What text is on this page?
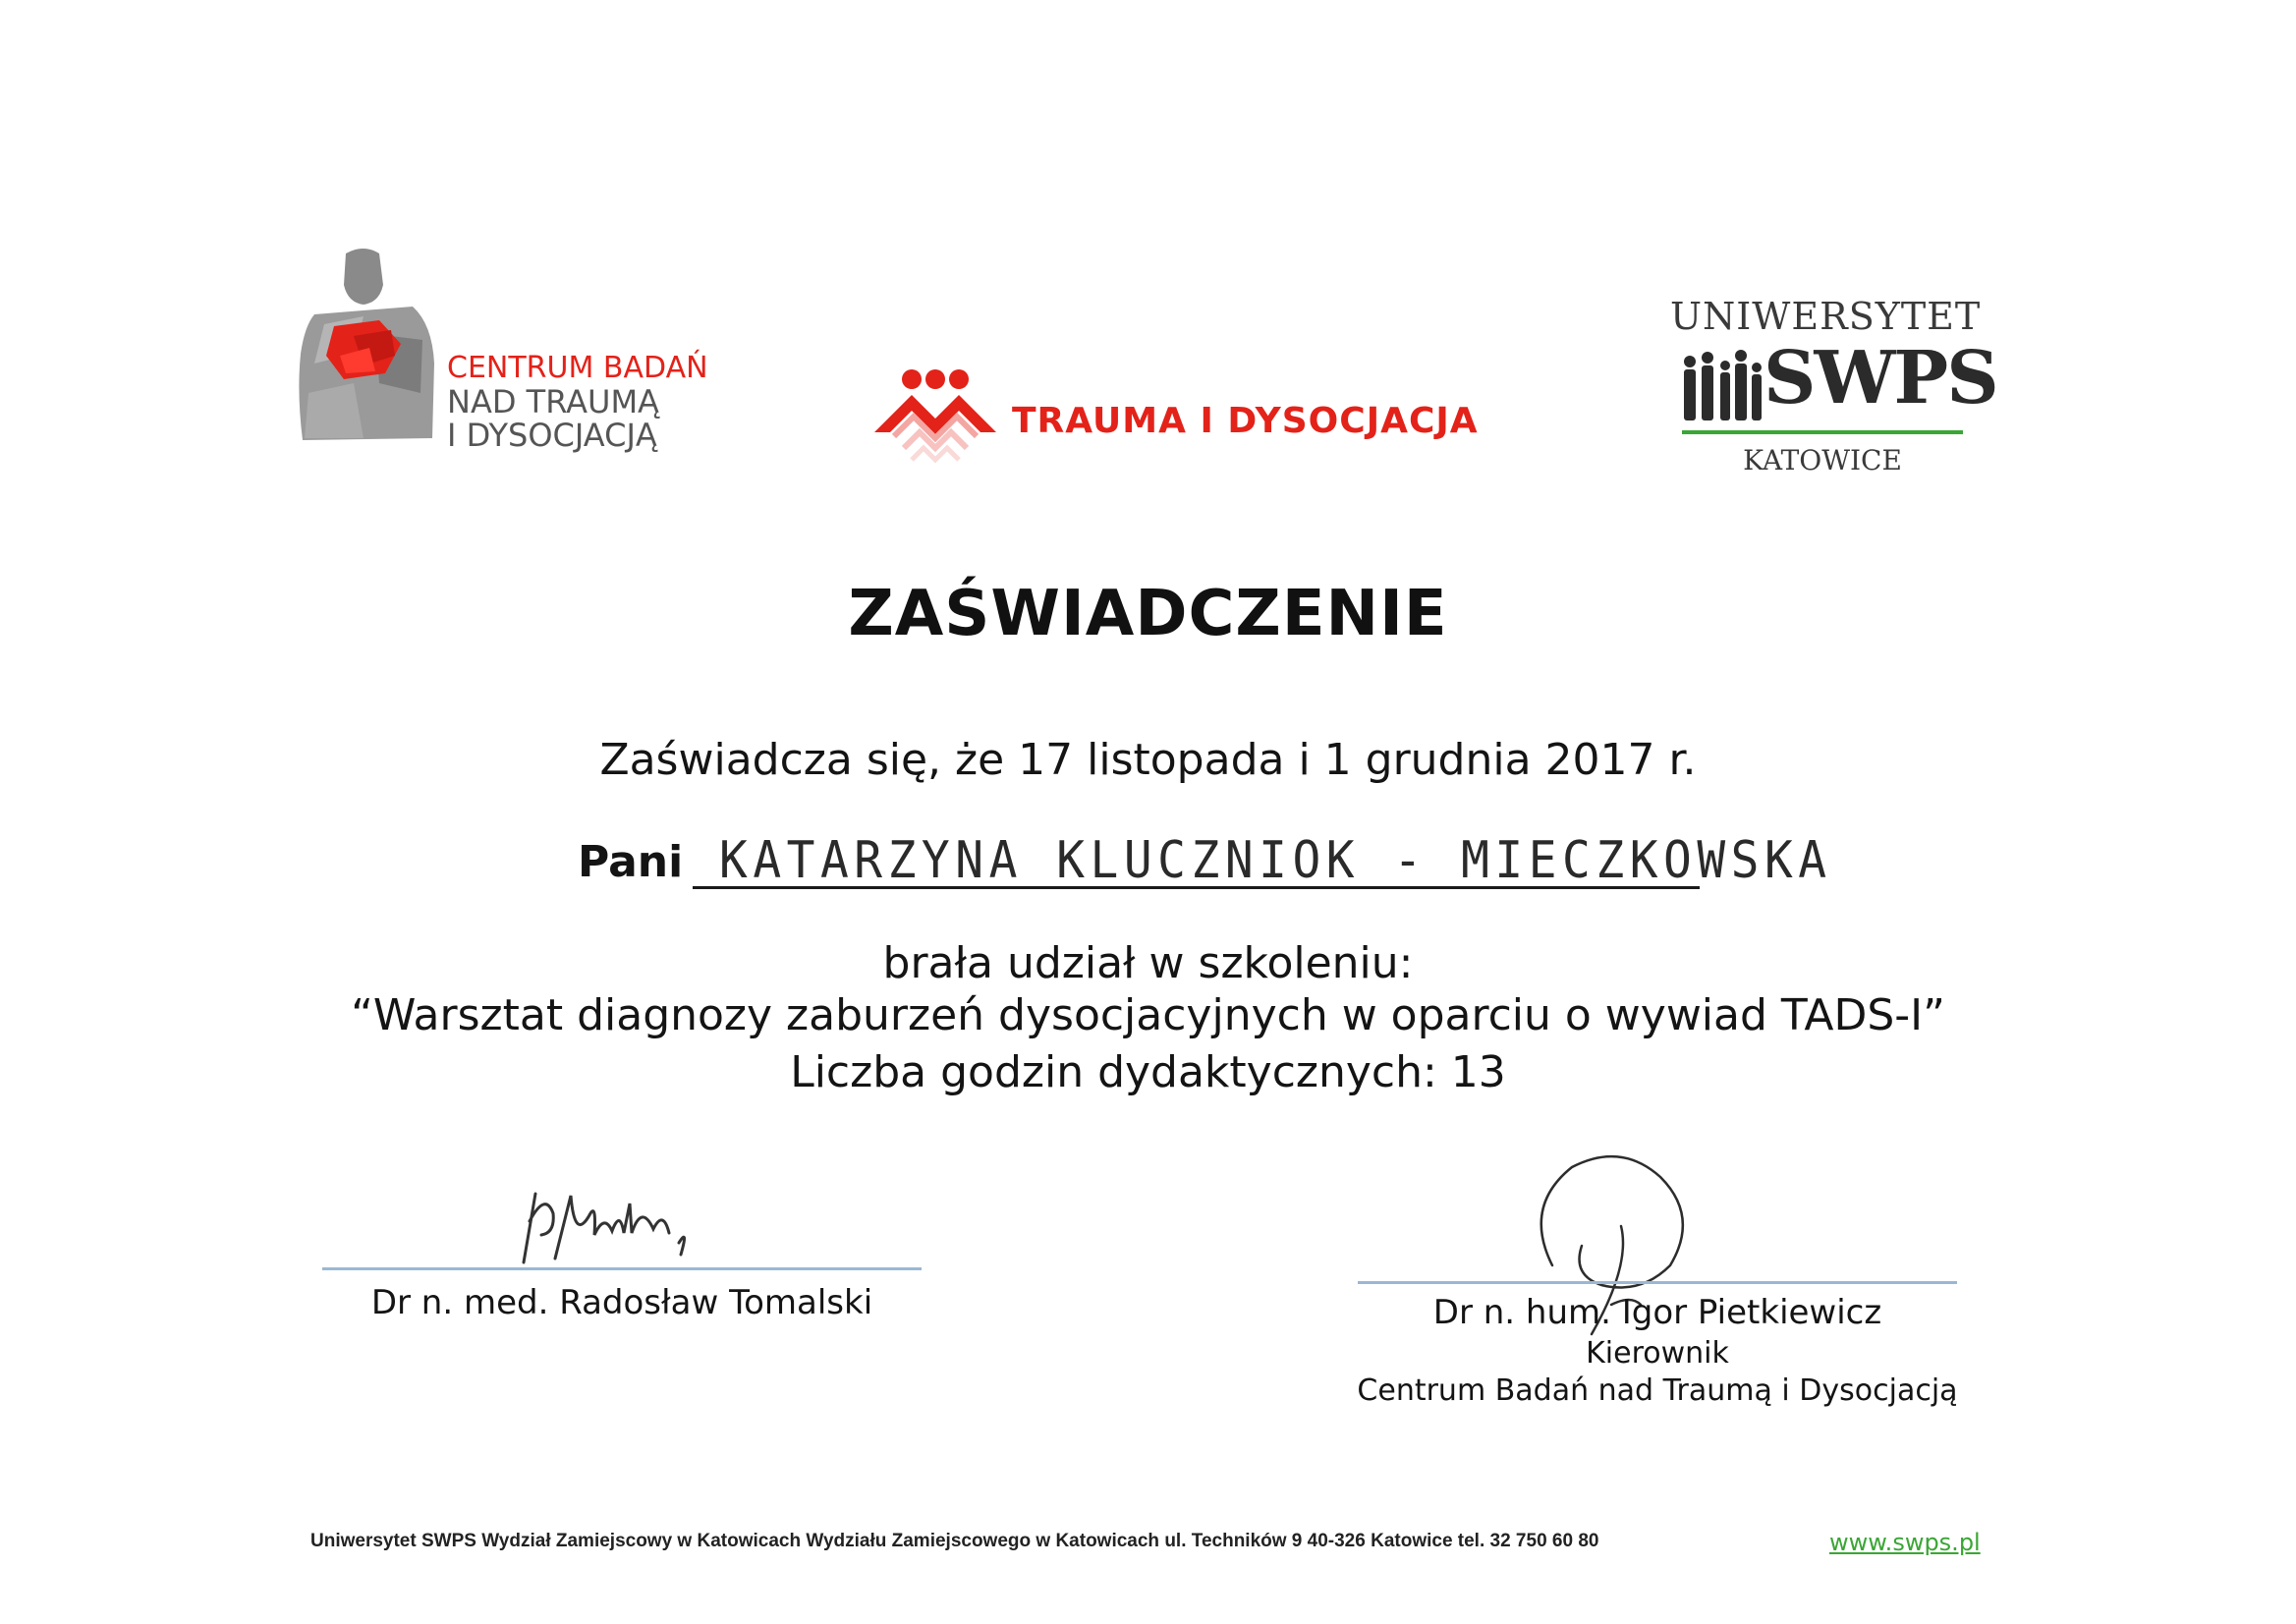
CENTRUM BADAŃ
NAD TRAUMĄ
I DYSOCJACJĄ	TRAUMA I DYSOCJACJA
UNIWERSYTET
SWPS
KATOWICE
ZAŚWIADCZENIE
Zaświadcza się, że 17 listopada i 1 grudnia 2017 r.
Pani KATARZYNA KLUCZNIOK - MIECZKOWSKA
brała udział w szkoleniu:
“Warsztat diagnozy zaburzeń dysocjacyjnych w oparciu o wywiad TADS-I”
Liczba godzin dydaktycznych: 13
Dr n. med. Radosław Tomalski	Dr n. hum. Igor Pietkiewicz
Kierownik
Centrum Badań nad Traumą i Dysocjacją
Uniwersytet SWPS Wydział Zamiejscowy w Katowicach Wydziału Zamiejscowego w Katowicach ul. Techników 9 40-326 Katowice tel. 32 750 60 80	www.swps.pl
